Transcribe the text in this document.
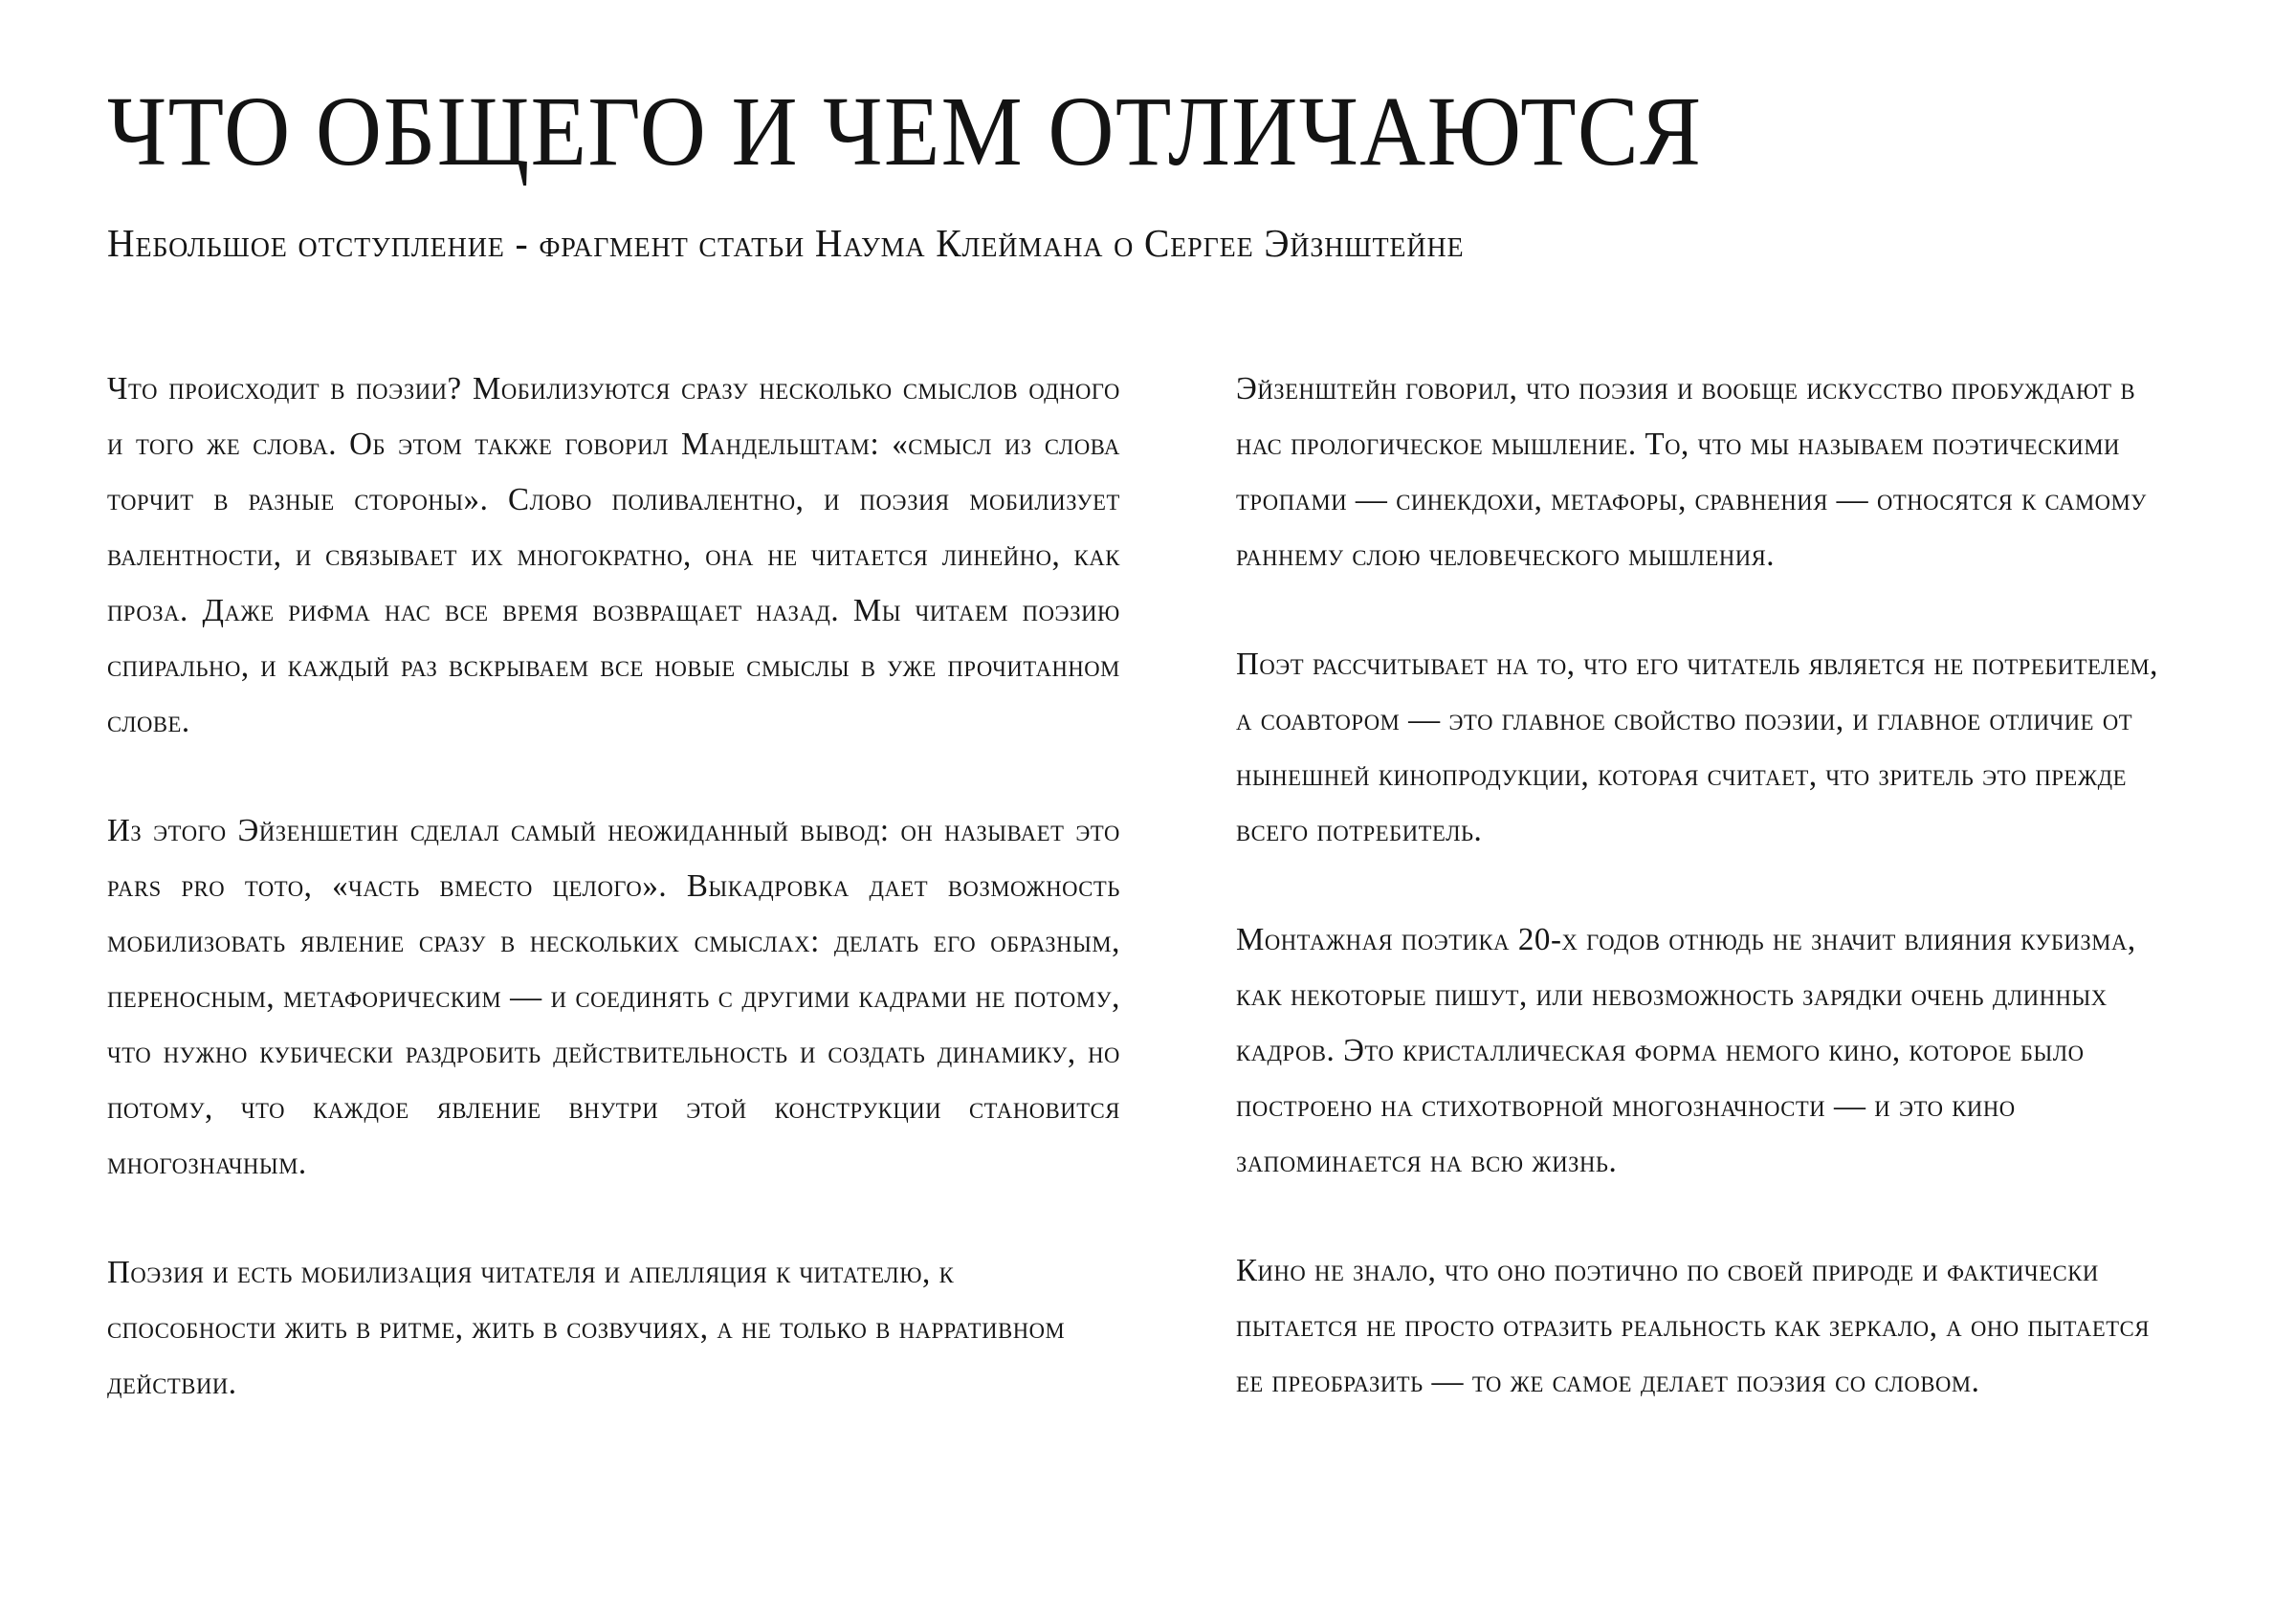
ЧТО ОБЩЕГО И ЧЕМ ОТЛИЧАЮТСЯ
Небольшое отступление - фрагмент статьи Наума Клеймана о Сергее Эйзнштейне

Что происходит в поэзии? Мобилизуются сразу несколько смыслов одного и того же слова. Об этом также говорил Мандельштам: «смысл из слова торчит в разные стороны». Слово поливалентно, и поэзия мобилизует валентности, и связывает их многократно, она не читается линейно, как проза. Даже рифма нас все время возвращает назад. Мы читаем поэзию спирально, и каждый раз вскрываем все новые смыслы в уже прочитанном слове.

Из этого Эйзеншетин сделал самый неожиданный вывод: он называет это pars pro toto, «часть вместо целого». Выкадровка дает возможность мобилизовать явление сразу в нескольких смыслах: делать его образным, переносным, метафорическим — и соединять с другими кадрами не потому, что нужно кубически раздробить действительность и создать динамику, но потому, что каждое явление внутри этой конструкции становится многозначным.

Поэзия и есть мобилизация читателя и апелляция к читателю, к способности жить в ритме, жить в созвучиях, а не только в нарративном действии.

Эйзенштейн говорил, что поэзия и вообще искусство пробуждают в нас прологическое мышление. То, что мы называем поэтическими тропами — синекдохи, метафоры, сравнения — относятся к самому раннему слою человеческого мышления.

Поэт рассчитывает на то, что его читатель является не потребителем, а соавтором — это главное свойство поэзии, и главное отличие от нынешней кинопродукции, которая считает, что зритель это прежде всего потребитель.

Монтажная поэтика 20-х годов отнюдь не значит влияния кубизма, как некоторые пишут, или невозможность зарядки очень длинных кадров. Это кристаллическая форма немого кино, которое было построено на стихотворной многозначности — и это кино запоминается на всю жизнь.

Кино не знало, что оно поэтично по своей природе и фактически пытается не просто отразить реальность как зеркало, а оно пытается ее преобразить — то же самое делает поэзия со словом.
